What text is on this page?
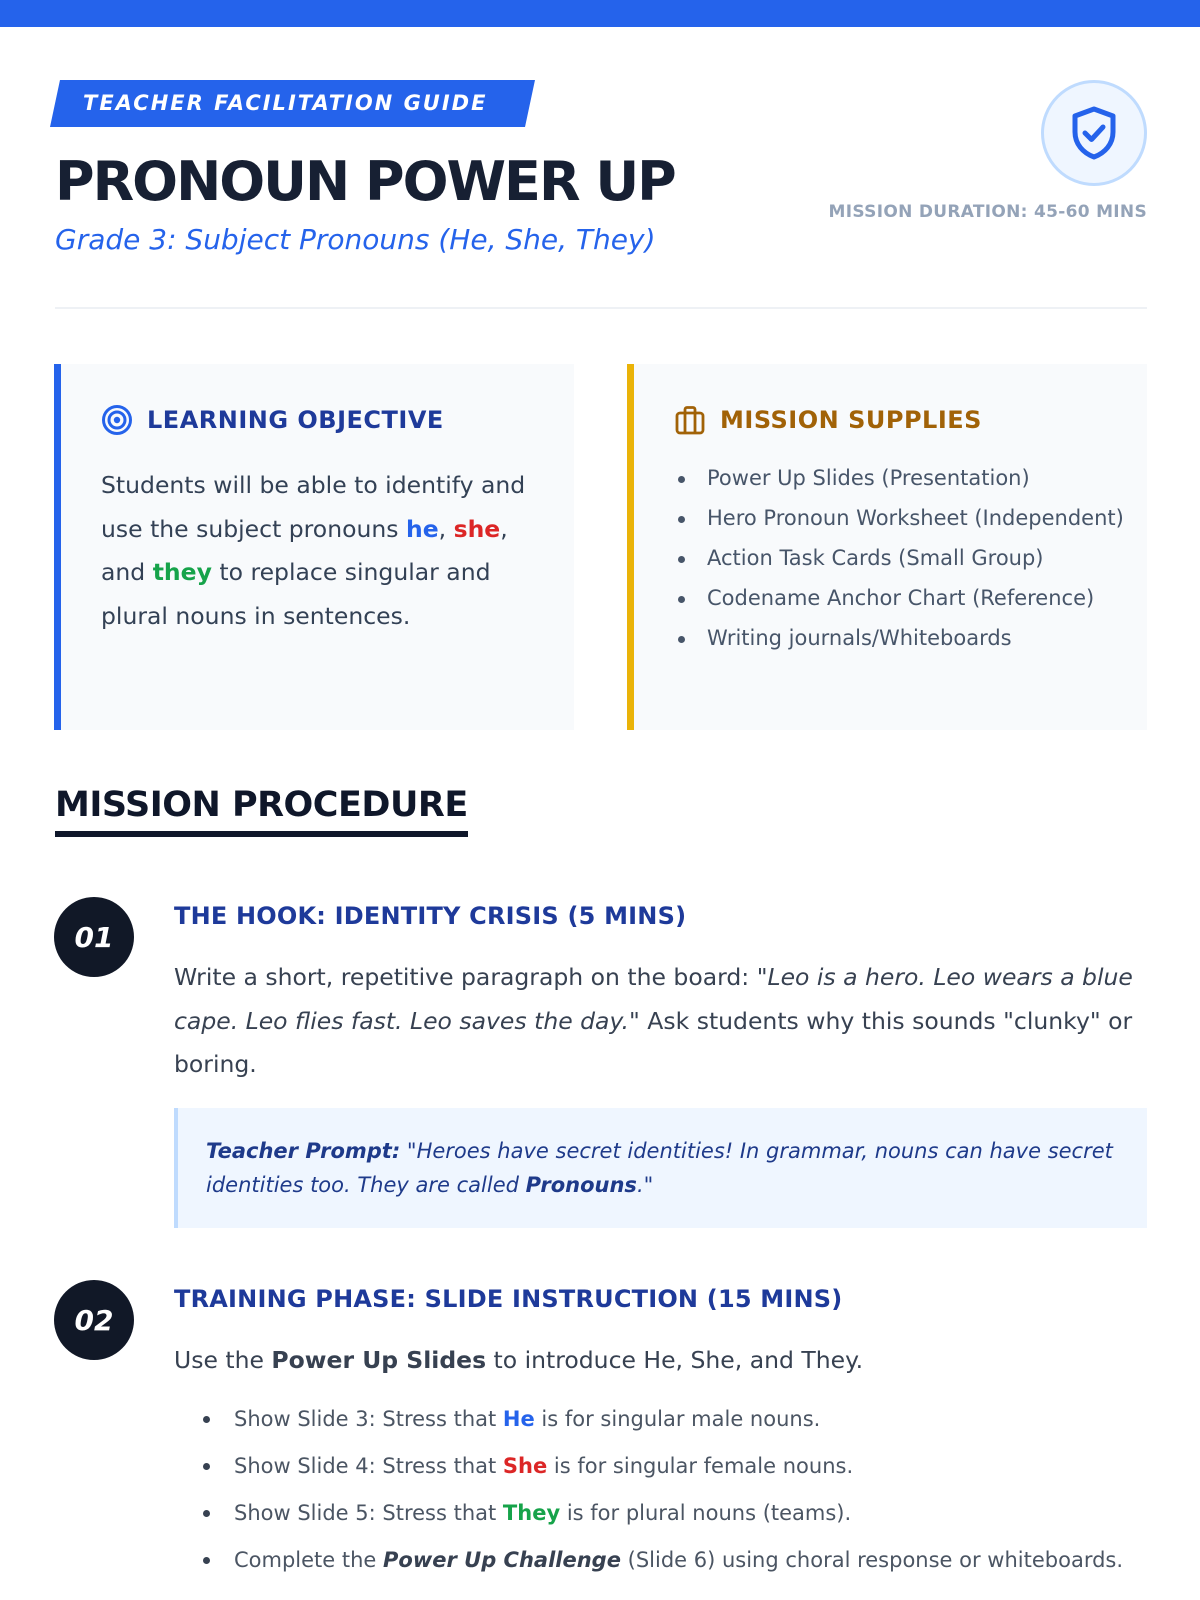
TEACHER FACILITATION GUIDE
PRONOUN POWER UP
Grade 3: Subject Pronouns (He, She, They)
MISSION DURATION: 45-60 MINS
LEARNING OBJECTIVE

Students will be able to identify and use the subject pronouns he, she, and they to replace singular and plural nouns in sentences.

MISSION SUPPLIES
Power Up Slides (Presentation)
Hero Pronoun Worksheet (Independent)
Action Task Cards (Small Group)
Codename Anchor Chart (Reference)
Writing journals/Whiteboards
MISSION PROCEDURE
01
THE HOOK: IDENTITY CRISIS (5 MINS)

Write a short, repetitive paragraph on the board: "Leo is a hero. Leo wears a blue cape. Leo flies fast. Leo saves the day." Ask students why this sounds "clunky" or boring.

Teacher Prompt: "Heroes have secret identities! In grammar, nouns can have secret identities too. They are called Pronouns."
02
TRAINING PHASE: SLIDE INSTRUCTION (15 MINS)

Use the Power Up Slides to introduce He, She, and They.

Show Slide 3: Stress that He is for singular male nouns.
Show Slide 4: Stress that She is for singular female nouns.
Show Slide 5: Stress that They is for plural nouns (teams).
Complete the Power Up Challenge (Slide 6) using choral response or whiteboards.
